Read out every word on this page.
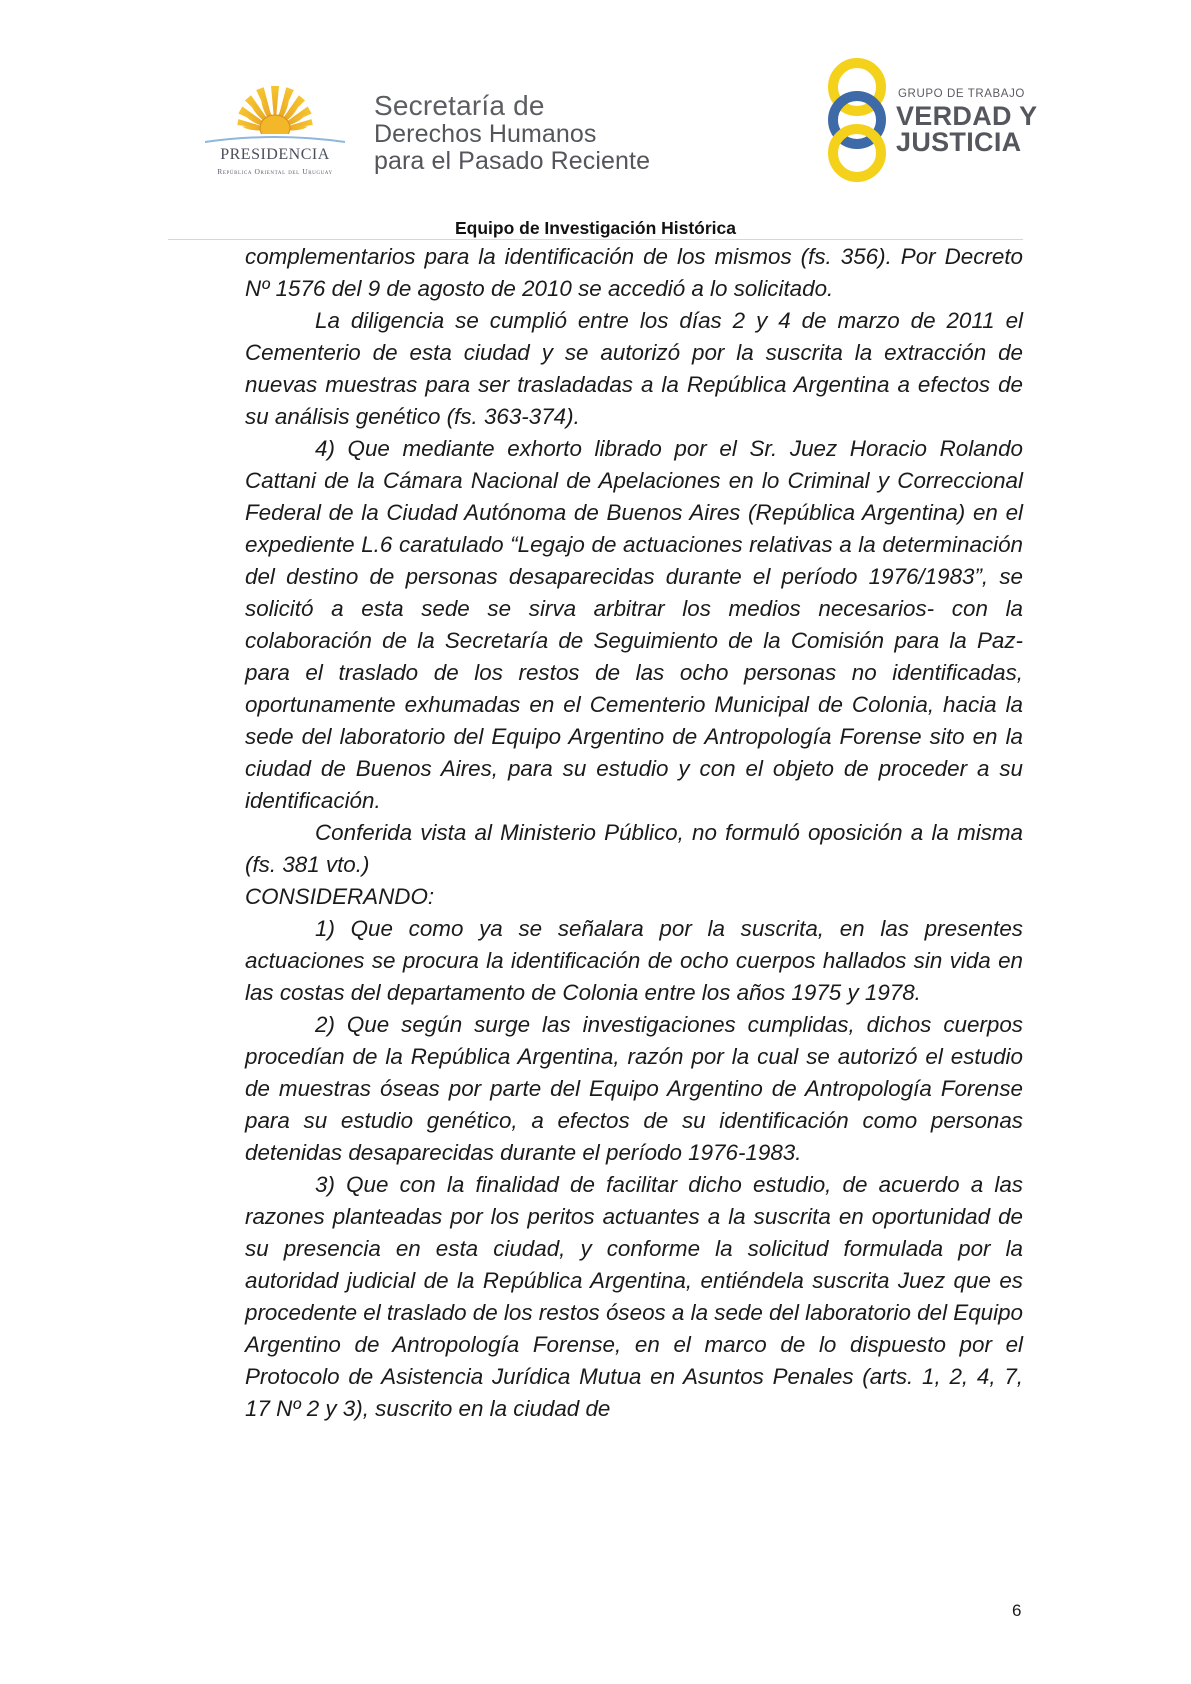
PRESIDENCIA
República Oriental del Uruguay
Secretaría de
Derechos Humanos
para el Pasado Reciente
GRUPO DE TRABAJO
VERDAD Y
JUSTICIA
Equipo de Investigación Histórica

complementarios para la identificación de los mismos (fs. 356). Por Decreto Nº 1576 del 9 de agosto de 2010 se accedió a lo solicitado.

La diligencia se cumplió entre los días 2 y 4 de marzo de 2011 el Cementerio de esta ciudad y se autorizó por la suscrita la extracción de nuevas muestras para ser trasladadas a la República Argentina a efectos de su análisis genético (fs. 363-374).

4) Que mediante exhorto librado por el Sr. Juez Horacio Rolando Cattani de la Cámara Nacional de Apelaciones en lo Criminal y Correccional Federal de la Ciudad Autónoma de Buenos Aires (República Argentina) en el expediente L.6 caratulado “Legajo de actuaciones relativas a la determinación del destino de personas desaparecidas durante el período 1976/1983”, se solicitó a esta sede se sirva arbitrar los medios necesarios- con la colaboración de la Secretaría de Seguimiento de la Comisión para la Paz- para el traslado de los restos de las ocho personas no identificadas, oportunamente exhumadas en el Cementerio Municipal de Colonia, hacia la sede del laboratorio del Equipo Argentino de Antropología Forense sito en la ciudad de Buenos Aires, para su estudio y con el objeto de proceder a su identificación.

Conferida vista al Ministerio Público, no formuló oposición a la misma (fs. 381 vto.)

CONSIDERANDO:

1) Que como ya se señalara por la suscrita, en las presentes actuaciones se procura la identificación de ocho cuerpos hallados sin vida en las costas del departamento de Colonia entre los años 1975 y 1978.

2) Que según surge las investigaciones cumplidas, dichos cuerpos procedían de la República Argentina, razón por la cual se autorizó el estudio de muestras óseas por parte del Equipo Argentino de Antropología Forense para su estudio genético, a efectos de su identificación como personas detenidas desaparecidas durante el período 1976-1983.

3) Que con la finalidad de facilitar dicho estudio, de acuerdo a las razones planteadas por los peritos actuantes a la suscrita en oportunidad de su presencia en esta ciudad, y conforme la solicitud formulada por la autoridad judicial de la República Argentina, entiéndela suscrita Juez que es procedente el traslado de los restos óseos a la sede del laboratorio del Equipo Argentino de Antropología Forense, en el marco de lo dispuesto por el Protocolo de Asistencia Jurídica Mutua en Asuntos Penales (arts. 1, 2, 4, 7, 17 Nº 2 y 3), suscrito en la ciudad de

6
